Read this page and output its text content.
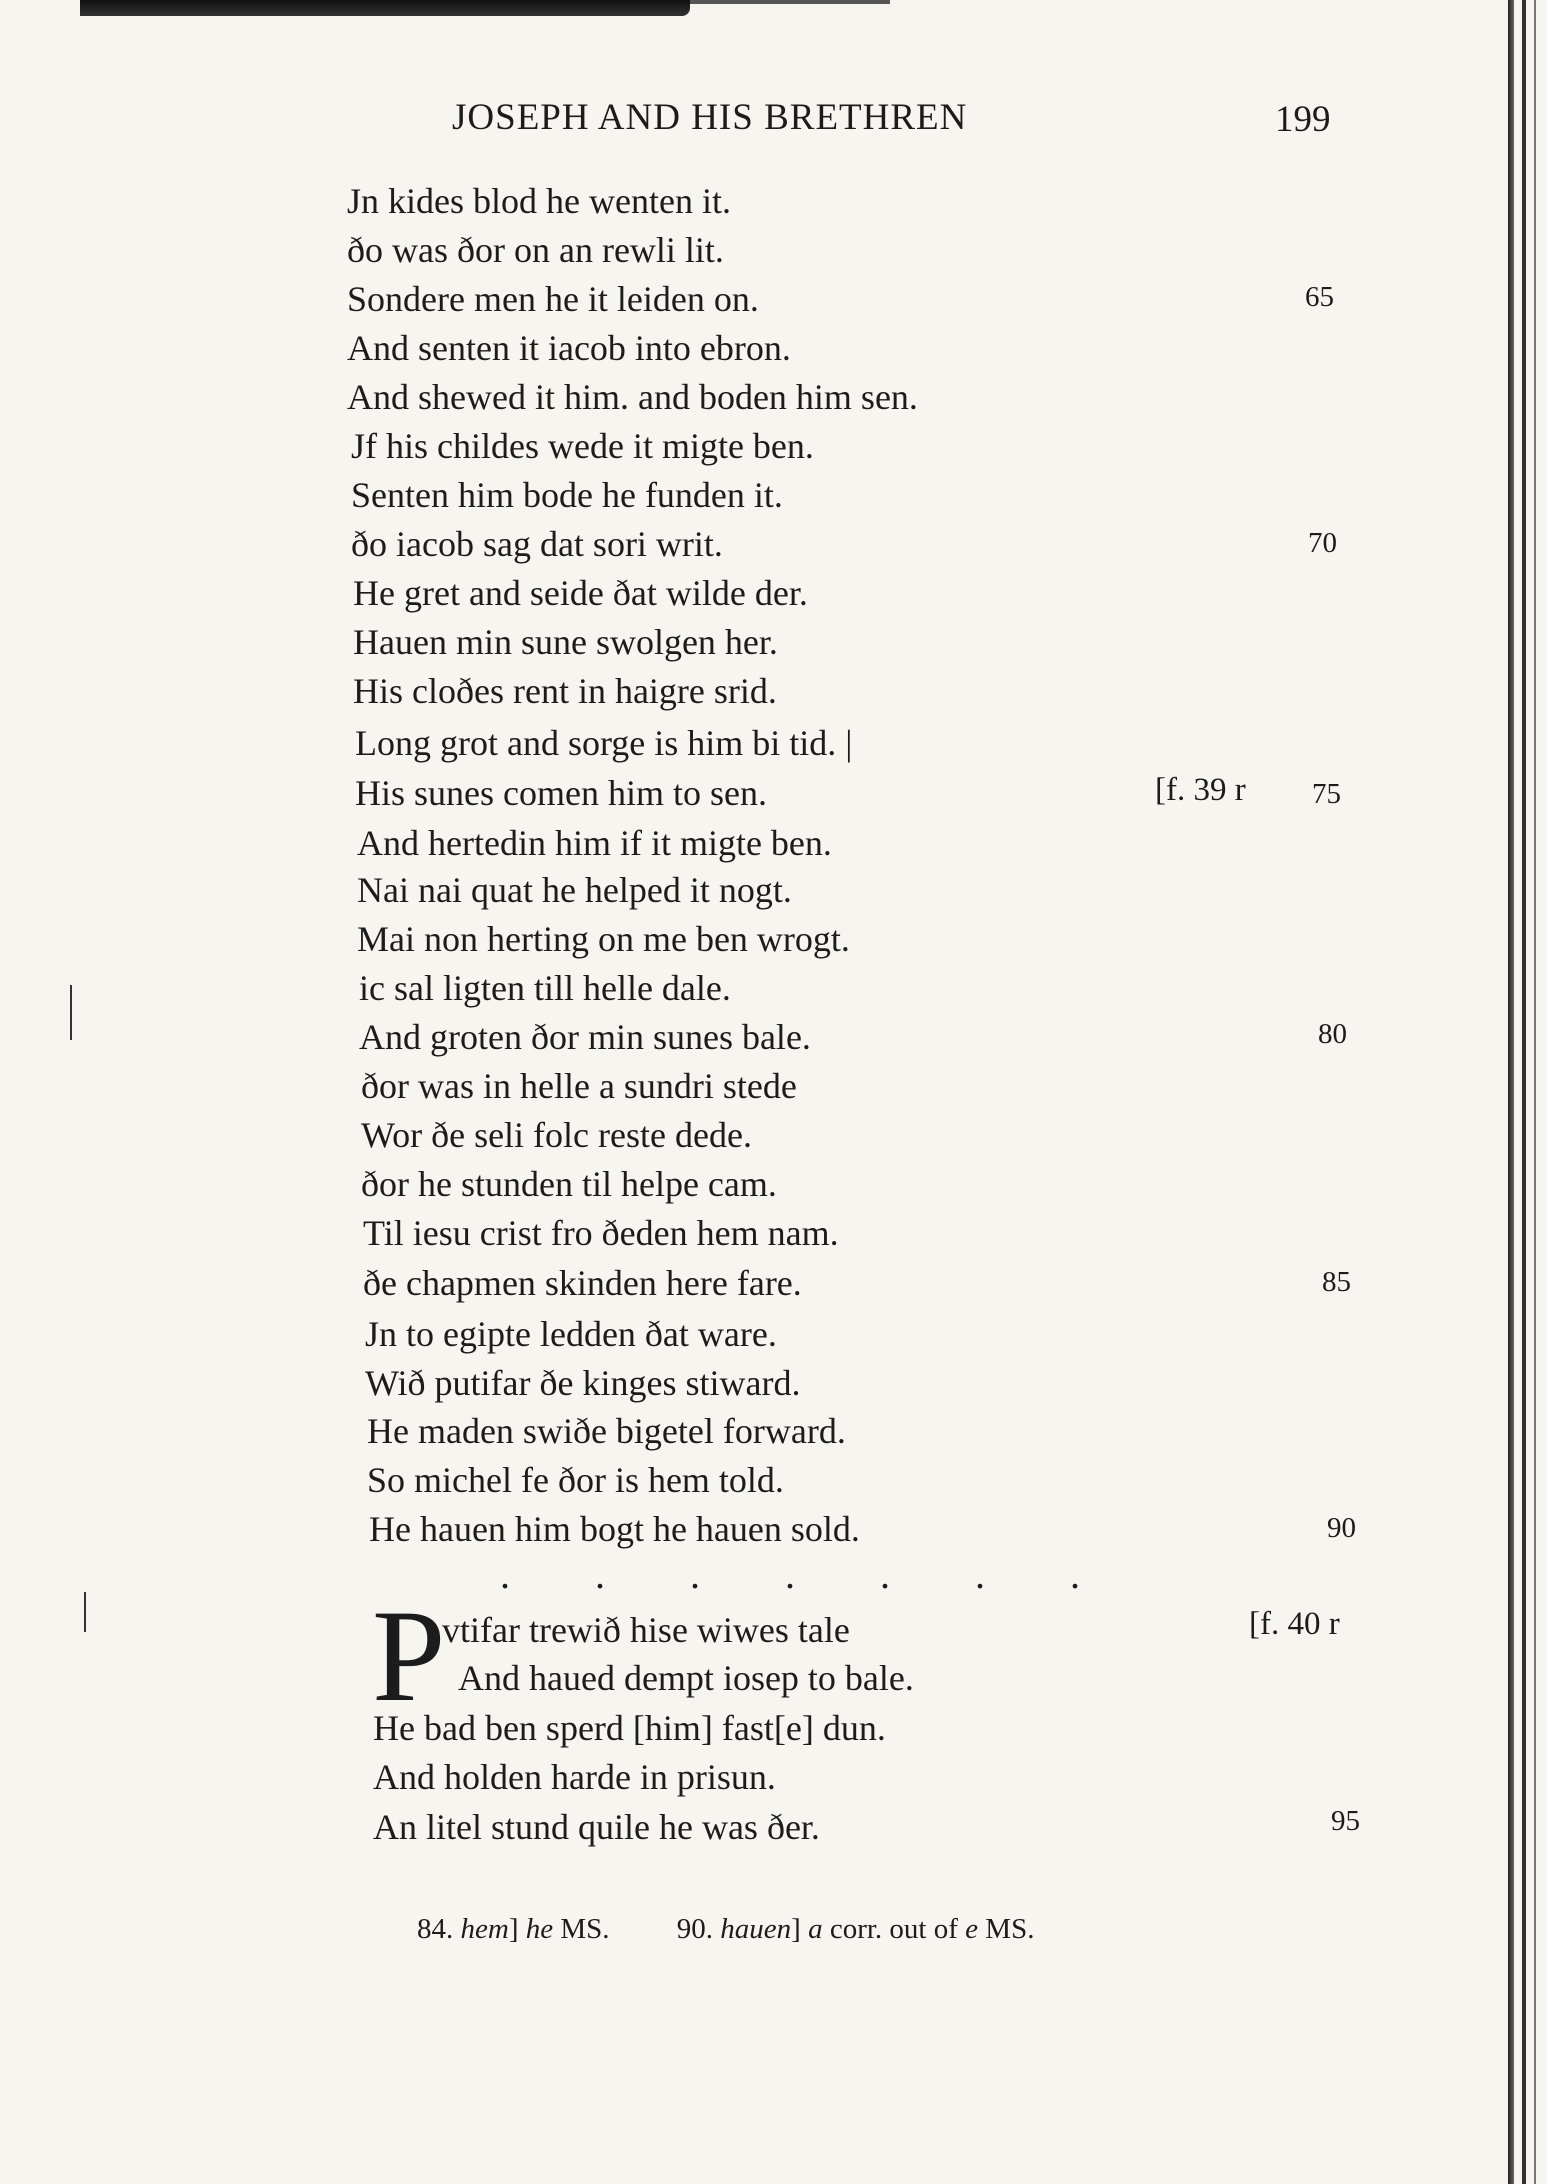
JOSEPH AND HIS BRETHREN	199
Jn kides blod he wenten it.
ðo was ðor on an rewli lit.
Sondere men he it leiden on.
And senten it iacob into ebron.
And shewed it him. and boden him sen.
Jf his childes wede it migte ben.
Senten him bode he funden it.
ðo iacob sag dat sori writ.
He gret and seide ðat wilde der.
Hauen min sune swolgen her.
His cloðes rent in haigre srid.
Long grot and sorge is him bi tid. |
His sunes comen him to sen.
And hertedin him if it migte ben.
Nai nai quat he helped it nogt.
Mai non herting on me ben wrogt.
ic sal ligten till helle dale.
And groten ðor min sunes bale.
ðor was in helle a sundri stede
Wor ðe seli folc reste dede.
ðor he stunden til helpe cam.
Til iesu crist fro ðeden hem nam.
ðe chapmen skinden here fare.
Jn to egipte ledden ðat ware.
Wið putifar ðe kinges stiward.
He maden swiðe bigetel forward.
So michel fe ðor is hem told.
He hauen him bogt he hauen sold.
65
70
75
80
85
90
95
[f. 39 r
[f. 40 r
. . . . . . .
P
vtifar trewið hise wiwes tale
And haued dempt iosep to bale.
He bad ben sperd [him] fast[e] dun.
And holden harde in prisun.
An litel stund quile he was ðer.
84. hem] he MS. 90. hauen] a corr. out of e MS.
